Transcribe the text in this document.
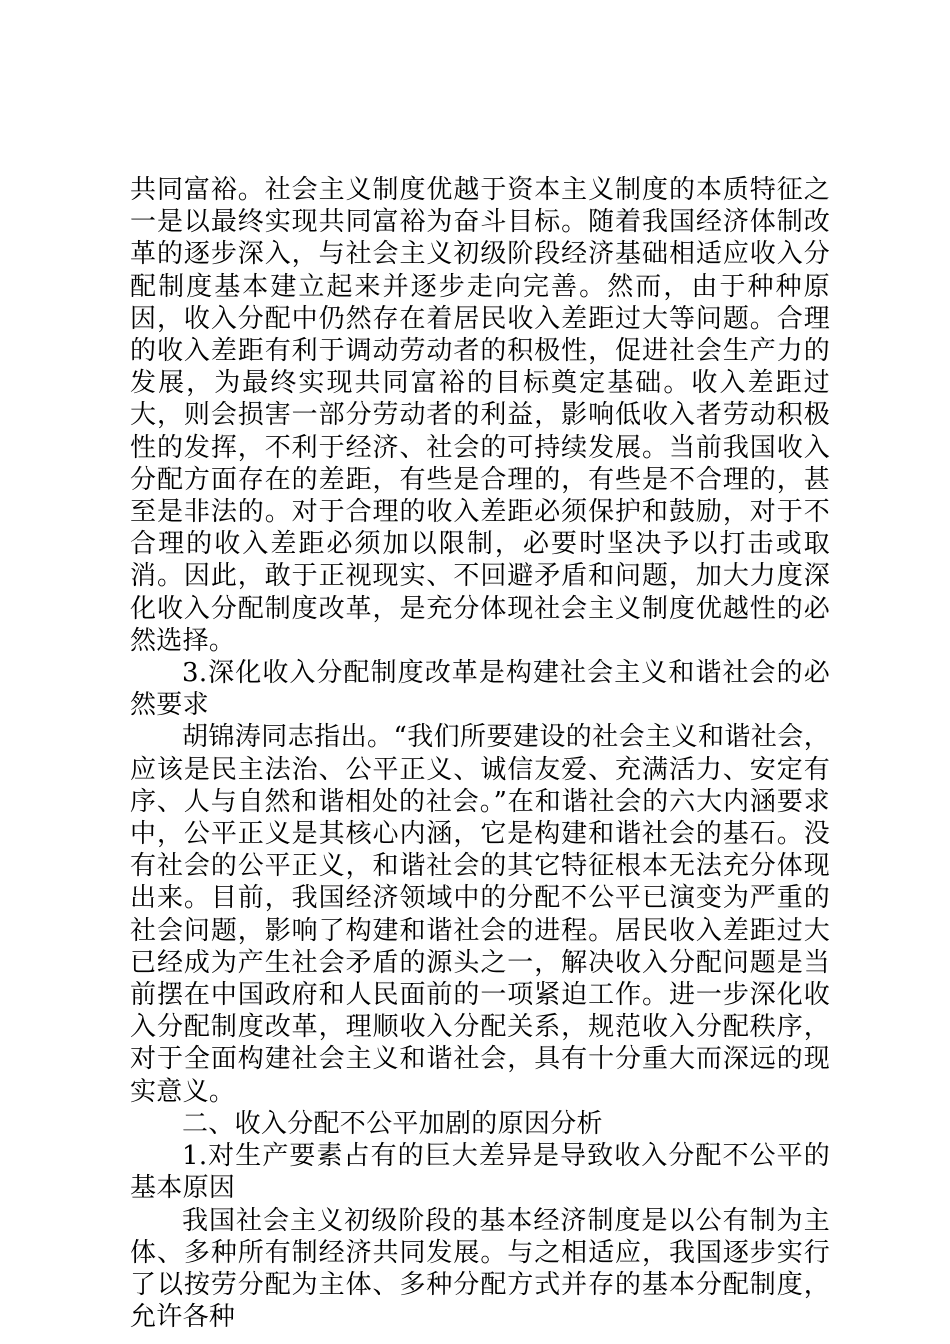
共同富裕。社会主义制度优越于资本主义制度的本质特征之一是以最终实现共同富裕为奋斗目标。随着我国经济体制改革的逐步深入，与社会主义初级阶段经济基础相适应收入分配制度基本建立起来并逐步走向完善。然而，由于种种原因，收入分配中仍然存在着居民收入差距过大等问题。合理的收入差距有利于调动劳动者的积极性，促进社会生产力的发展，为最终实现共同富裕的目标奠定基础。收入差距过大，则会损害一部分劳动者的利益，影响低收入者劳动积极性的发挥，不利于经济、社会的可持续发展。当前我国收入分配方面存在的差距，有些是合理的，有些是不合理的，甚至是非法的。对于合理的收入差距必须保护和鼓励，对于不合理的收入差距必须加以限制，必要时坚决予以打击或取消。因此，敢于正视现实、不回避矛盾和问题，加大力度深化收入分配制度改革，是充分体现社会主义制度优越性的必然选择。

3.深化收入分配制度改革是构建社会主义和谐社会的必然要求

胡锦涛同志指出。“我们所要建设的社会主义和谐社会，应该是民主法治、公平正义、诚信友爱、充满活力、安定有序、人与自然和谐相处的社会。”在和谐社会的六大内涵要求中，公平正义是其核心内涵，它是构建和谐社会的基石。没有社会的公平正义，和谐社会的其它特征根本无法充分体现出来。目前，我国经济领域中的分配不公平已演变为严重的社会问题，影响了构建和谐社会的进程。居民收入差距过大已经成为产生社会矛盾的源头之一，解决收入分配问题是当前摆在中国政府和人民面前的一项紧迫工作。进一步深化收入分配制度改革，理顺收入分配关系，规范收入分配秩序，对于全面构建社会主义和谐社会，具有十分重大而深远的现实意义。

二、收入分配不公平加剧的原因分析

1.对生产要素占有的巨大差异是导致收入分配不公平的基本原因

我国社会主义初级阶段的基本经济制度是以公有制为主体、多种所有制经济共同发展。与之相适应，我国逐步实行了以按劳分配为主体、多种分配方式并存的基本分配制度，允许各种
